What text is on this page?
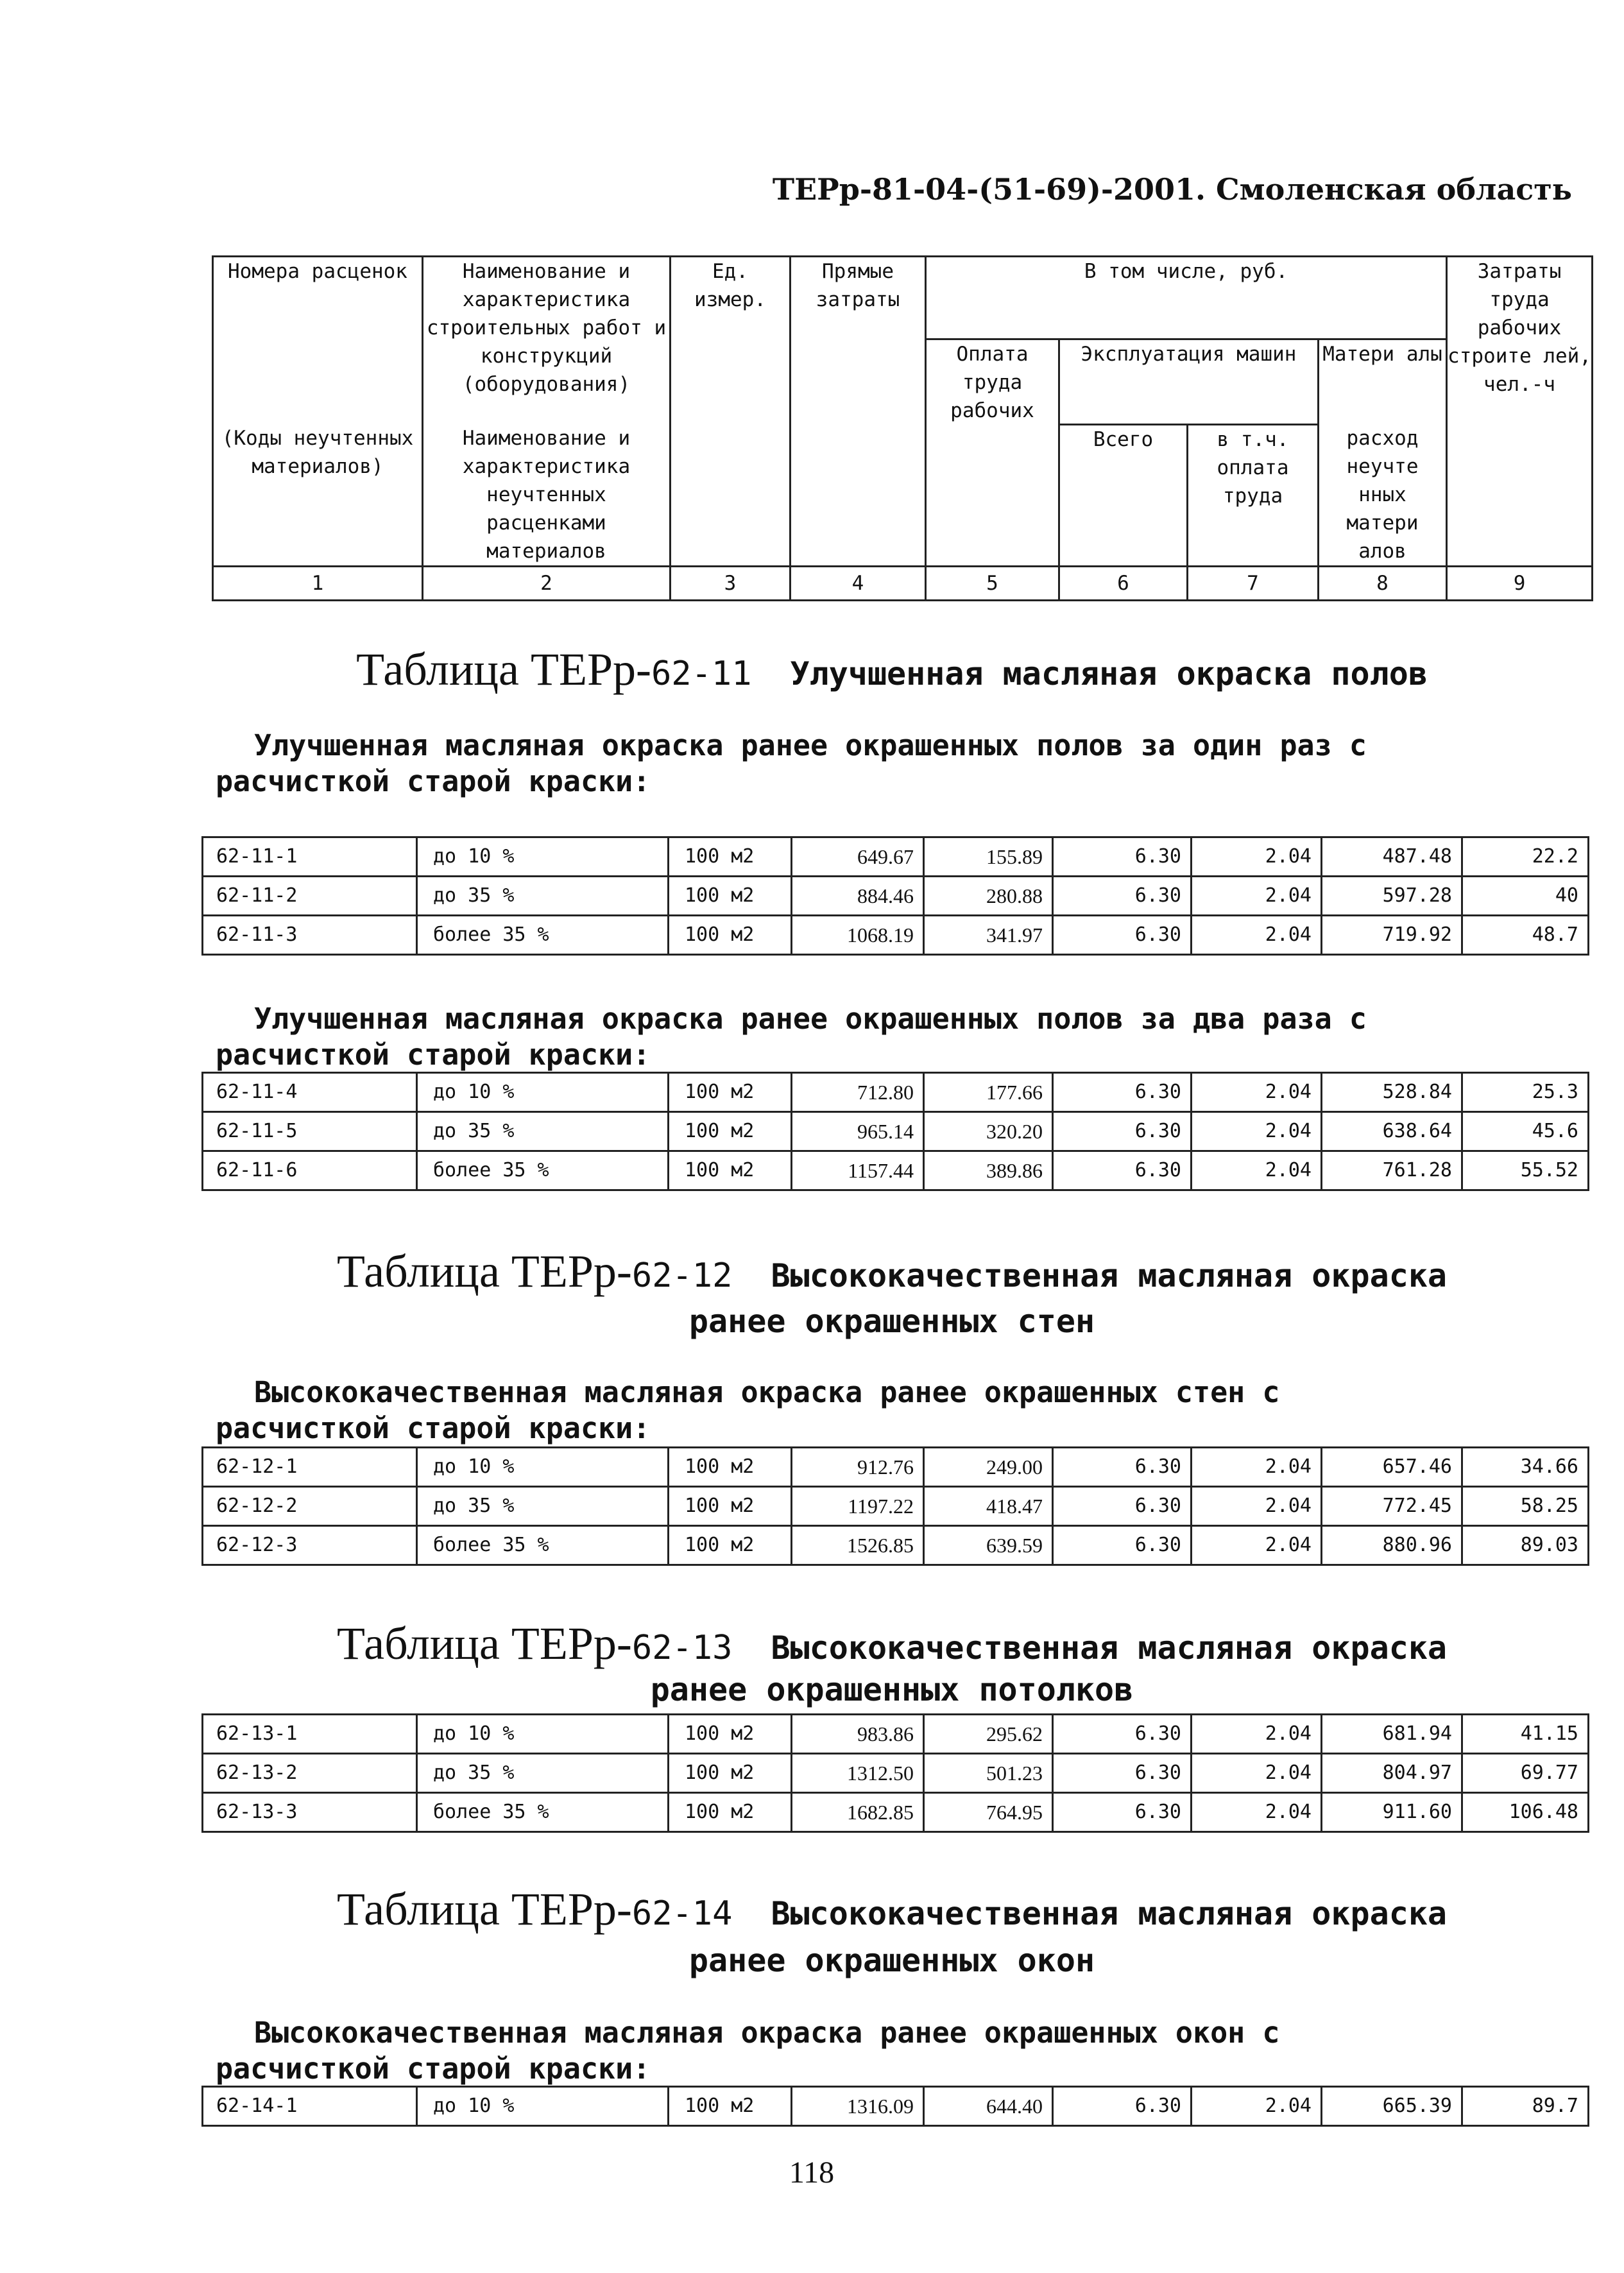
ТЕРр-81-04-(51-69)-2001. Смоленская область
Номера расценок	Наименование и характеристика строительных работ и конструкций (оборудования)	Ед. измер.	Прямые затраты	В том числе, руб.				Затраты труда рабочих строите лей, чел.-ч
				Оплата труда рабочих	Эксплуатация машин		Матери алы	
(Коды неучтенных материалов)	Наименование и характеристика неучтенных расценками материалов				Всего	в т.ч. оплата труда	расход неучте нных матери алов	
1	2	3	4	5	6	7	8	9
Таблица ТЕРр-62-11 Улучшенная масляная окраска полов
Улучшенная масляная окраска ранее окрашенных полов за один раз с
расчисткой старой краски:
62-11-1	до 10 %	100 м2	649.67	155.89	6.30	2.04	487.48	22.2
62-11-2	до 35 %	100 м2	884.46	280.88	6.30	2.04	597.28	40
62-11-3	более 35 %	100 м2	1068.19	341.97	6.30	2.04	719.92	48.7
Улучшенная масляная окраска ранее окрашенных полов за два раза с
расчисткой старой краски:
62-11-4	до 10 %	100 м2	712.80	177.66	6.30	2.04	528.84	25.3
62-11-5	до 35 %	100 м2	965.14	320.20	6.30	2.04	638.64	45.6
62-11-6	более 35 %	100 м2	1157.44	389.86	6.30	2.04	761.28	55.52
Таблица ТЕРр-62-12 Высококачественная масляная окраска
ранее окрашенных стен
Высококачественная масляная окраска ранее окрашенных стен с
расчисткой старой краски:
62-12-1	до 10 %	100 м2	912.76	249.00	6.30	2.04	657.46	34.66
62-12-2	до 35 %	100 м2	1197.22	418.47	6.30	2.04	772.45	58.25
62-12-3	более 35 %	100 м2	1526.85	639.59	6.30	2.04	880.96	89.03
Таблица ТЕРр-62-13 Высококачественная масляная окраска
ранее окрашенных потолков
62-13-1	до 10 %	100 м2	983.86	295.62	6.30	2.04	681.94	41.15
62-13-2	до 35 %	100 м2	1312.50	501.23	6.30	2.04	804.97	69.77
62-13-3	более 35 %	100 м2	1682.85	764.95	6.30	2.04	911.60	106.48
Таблица ТЕРр-62-14 Высококачественная масляная окраска
ранее окрашенных окон
Высококачественная масляная окраска ранее окрашенных окон с
расчисткой старой краски:
62-14-1	до 10 %	100 м2	1316.09	644.40	6.30	2.04	665.39	89.7
118
